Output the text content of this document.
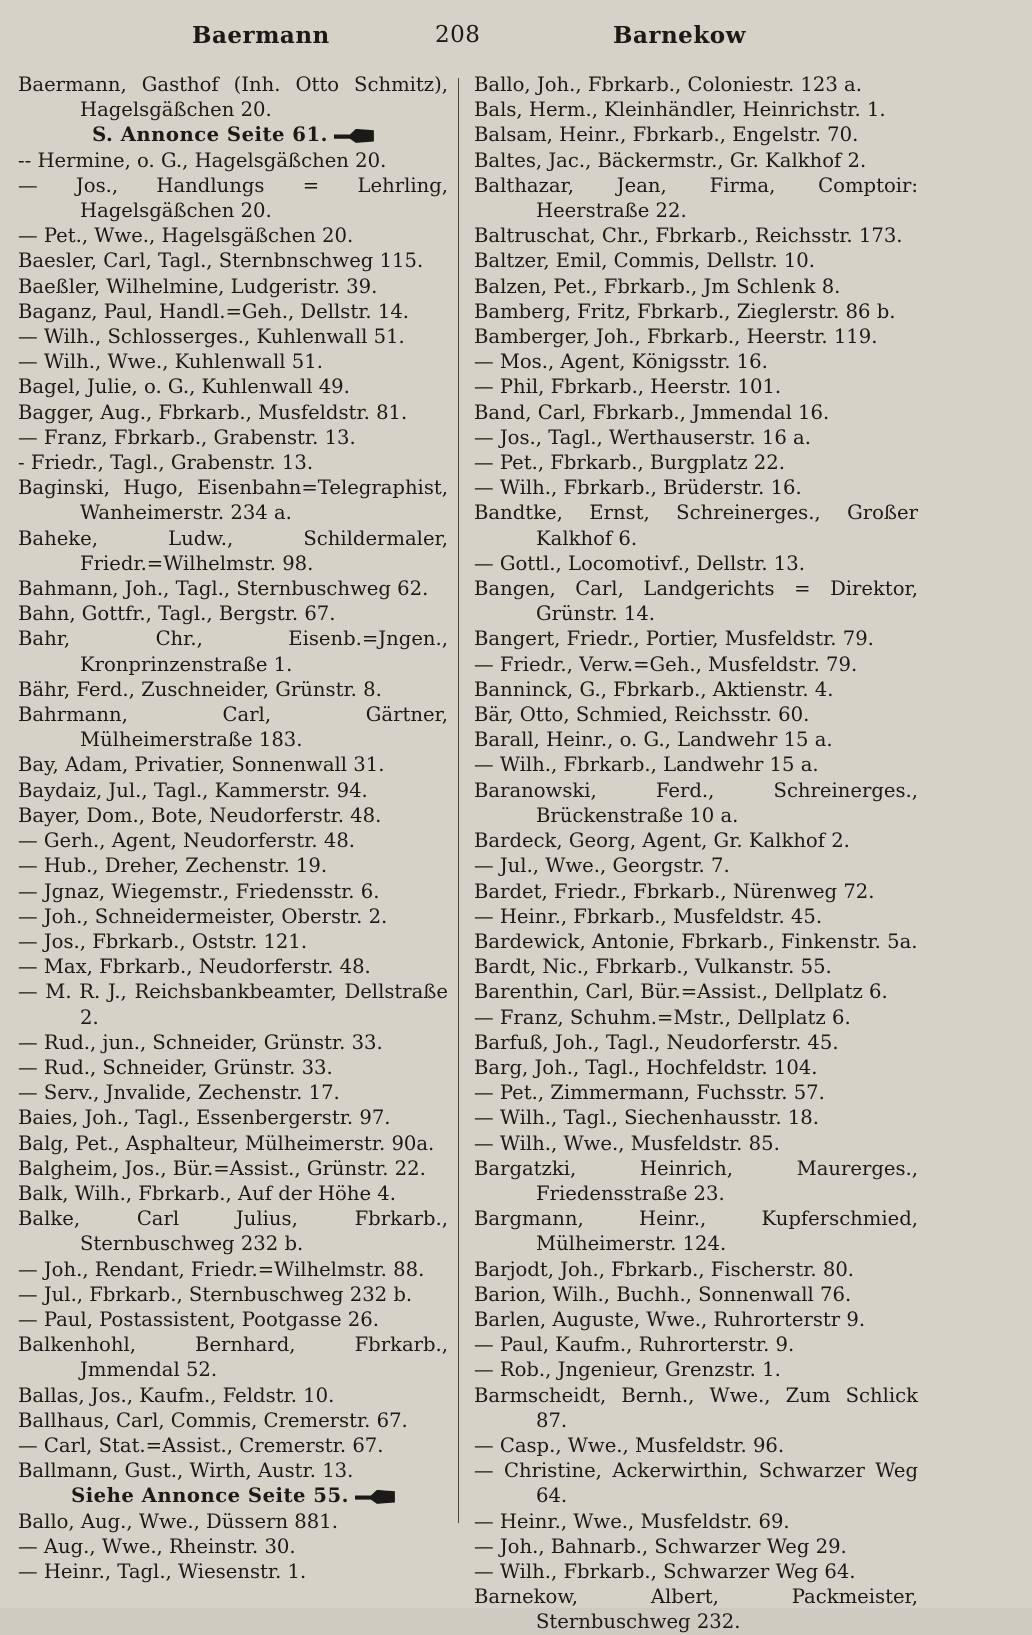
Baermann	208	Barnekow

Baermann, Gasthof (Inh. Otto Schmitz), Hagelsgäßchen 20.

S. Annonce Seite 61.

-- Hermine, o. G., Hagelsgäßchen 20.

— Jos., Handlungs = Lehrling, Hagelsgäßchen 20.

— Pet., Wwe., Hagelsgäßchen 20.

Baesler, Carl, Tagl., Sternbnschweg 115.

Baeßler, Wilhelmine, Ludgeristr. 39.

Baganz, Paul, Handl.=Geh., Dellstr. 14.

— Wilh., Schlosserges., Kuhlenwall 51.

— Wilh., Wwe., Kuhlenwall 51.

Bagel, Julie, o. G., Kuhlenwall 49.

Bagger, Aug., Fbrkarb., Musfeldstr. 81.

— Franz, Fbrkarb., Grabenstr. 13.

- Friedr., Tagl., Grabenstr. 13.

Baginski, Hugo, Eisenbahn=Telegraphist, Wanheimerstr. 234 a.

Baheke, Ludw., Schildermaler, Friedr.=Wilhelmstr. 98.

Bahmann, Joh., Tagl., Sternbuschweg 62.

Bahn, Gottfr., Tagl., Bergstr. 67.

Bahr, Chr., Eisenb.=Jngen., Kronprinzenstraße 1.

Bähr, Ferd., Zuschneider, Grünstr. 8.

Bahrmann, Carl, Gärtner, Mülheimerstraße 183.

Bay, Adam, Privatier, Sonnenwall 31.

Baydaiz, Jul., Tagl., Kammerstr. 94.

Bayer, Dom., Bote, Neudorferstr. 48.

— Gerh., Agent, Neudorferstr. 48.

— Hub., Dreher, Zechenstr. 19.

— Jgnaz, Wiegemstr., Friedensstr. 6.

— Joh., Schneidermeister, Oberstr. 2.

— Jos., Fbrkarb., Oststr. 121.

— Max, Fbrkarb., Neudorferstr. 48.

— M. R. J., Reichsbankbeamter, Dellstraße 2.

— Rud., jun., Schneider, Grünstr. 33.

— Rud., Schneider, Grünstr. 33.

— Serv., Jnvalide, Zechenstr. 17.

Baies, Joh., Tagl., Essenbergerstr. 97.

Balg, Pet., Asphalteur, Mülheimerstr. 90a.

Balgheim, Jos., Bür.=Assist., Grünstr. 22.

Balk, Wilh., Fbrkarb., Auf der Höhe 4.

Balke, Carl Julius, Fbrkarb., Sternbuschweg 232 b.

— Joh., Rendant, Friedr.=Wilhelmstr. 88.

— Jul., Fbrkarb., Sternbuschweg 232 b.

— Paul, Postassistent, Pootgasse 26.

Balkenhohl, Bernhard, Fbrkarb., Jmmendal 52.

Ballas, Jos., Kaufm., Feldstr. 10.

Ballhaus, Carl, Commis, Cremerstr. 67.

— Carl, Stat.=Assist., Cremerstr. 67.

Ballmann, Gust., Wirth, Austr. 13.

Siehe Annonce Seite 55.

Ballo, Aug., Wwe., Düssern 881.

— Aug., Wwe., Rheinstr. 30.

— Heinr., Tagl., Wiesenstr. 1.

Ballo, Joh., Fbrkarb., Coloniestr. 123 a.

Bals, Herm., Kleinhändler, Heinrichstr. 1.

Balsam, Heinr., Fbrkarb., Engelstr. 70.

Baltes, Jac., Bäckermstr., Gr. Kalkhof 2.

Balthazar, Jean, Firma, Comptoir: Heerstraße 22.

Baltruschat, Chr., Fbrkarb., Reichsstr. 173.

Baltzer, Emil, Commis, Dellstr. 10.

Balzen, Pet., Fbrkarb., Jm Schlenk 8.

Bamberg, Fritz, Fbrkarb., Zieglerstr. 86 b.

Bamberger, Joh., Fbrkarb., Heerstr. 119.

— Mos., Agent, Königsstr. 16.

— Phil, Fbrkarb., Heerstr. 101.

Band, Carl, Fbrkarb., Jmmendal 16.

— Jos., Tagl., Werthauserstr. 16 a.

— Pet., Fbrkarb., Burgplatz 22.

— Wilh., Fbrkarb., Brüderstr. 16.

Bandtke, Ernst, Schreinerges., Großer Kalkhof 6.

— Gottl., Locomotivf., Dellstr. 13.

Bangen, Carl, Landgerichts = Direktor, Grünstr. 14.

Bangert, Friedr., Portier, Musfeldstr. 79.

— Friedr., Verw.=Geh., Musfeldstr. 79.

Banninck, G., Fbrkarb., Aktienstr. 4.

Bär, Otto, Schmied, Reichsstr. 60.

Barall, Heinr., o. G., Landwehr 15 a.

— Wilh., Fbrkarb., Landwehr 15 a.

Baranowski, Ferd., Schreinerges., Brückenstraße 10 a.

Bardeck, Georg, Agent, Gr. Kalkhof 2.

— Jul., Wwe., Georgstr. 7.

Bardet, Friedr., Fbrkarb., Nürenweg 72.

— Heinr., Fbrkarb., Musfeldstr. 45.

Bardewick, Antonie, Fbrkarb., Finkenstr. 5a.

Bardt, Nic., Fbrkarb., Vulkanstr. 55.

Barenthin, Carl, Bür.=Assist., Dellplatz 6.

— Franz, Schuhm.=Mstr., Dellplatz 6.

Barfuß, Joh., Tagl., Neudorferstr. 45.

Barg, Joh., Tagl., Hochfeldstr. 104.

— Pet., Zimmermann, Fuchsstr. 57.

— Wilh., Tagl., Siechenhausstr. 18.

— Wilh., Wwe., Musfeldstr. 85.

Bargatzki, Heinrich, Maurerges., Friedensstraße 23.

Bargmann, Heinr., Kupferschmied, Mülheimerstr. 124.

Barjodt, Joh., Fbrkarb., Fischerstr. 80.

Barion, Wilh., Buchh., Sonnenwall 76.

Barlen, Auguste, Wwe., Ruhrorterstr 9.

— Paul, Kaufm., Ruhrorterstr. 9.

— Rob., Jngenieur, Grenzstr. 1.

Barmscheidt, Bernh., Wwe., Zum Schlick 87.

— Casp., Wwe., Musfeldstr. 96.

— Christine, Ackerwirthin, Schwarzer Weg 64.

— Heinr., Wwe., Musfeldstr. 69.

— Joh., Bahnarb., Schwarzer Weg 29.

— Wilh., Fbrkarb., Schwarzer Weg 64.

Barnekow, Albert, Packmeister, Sternbuschweg 232.
